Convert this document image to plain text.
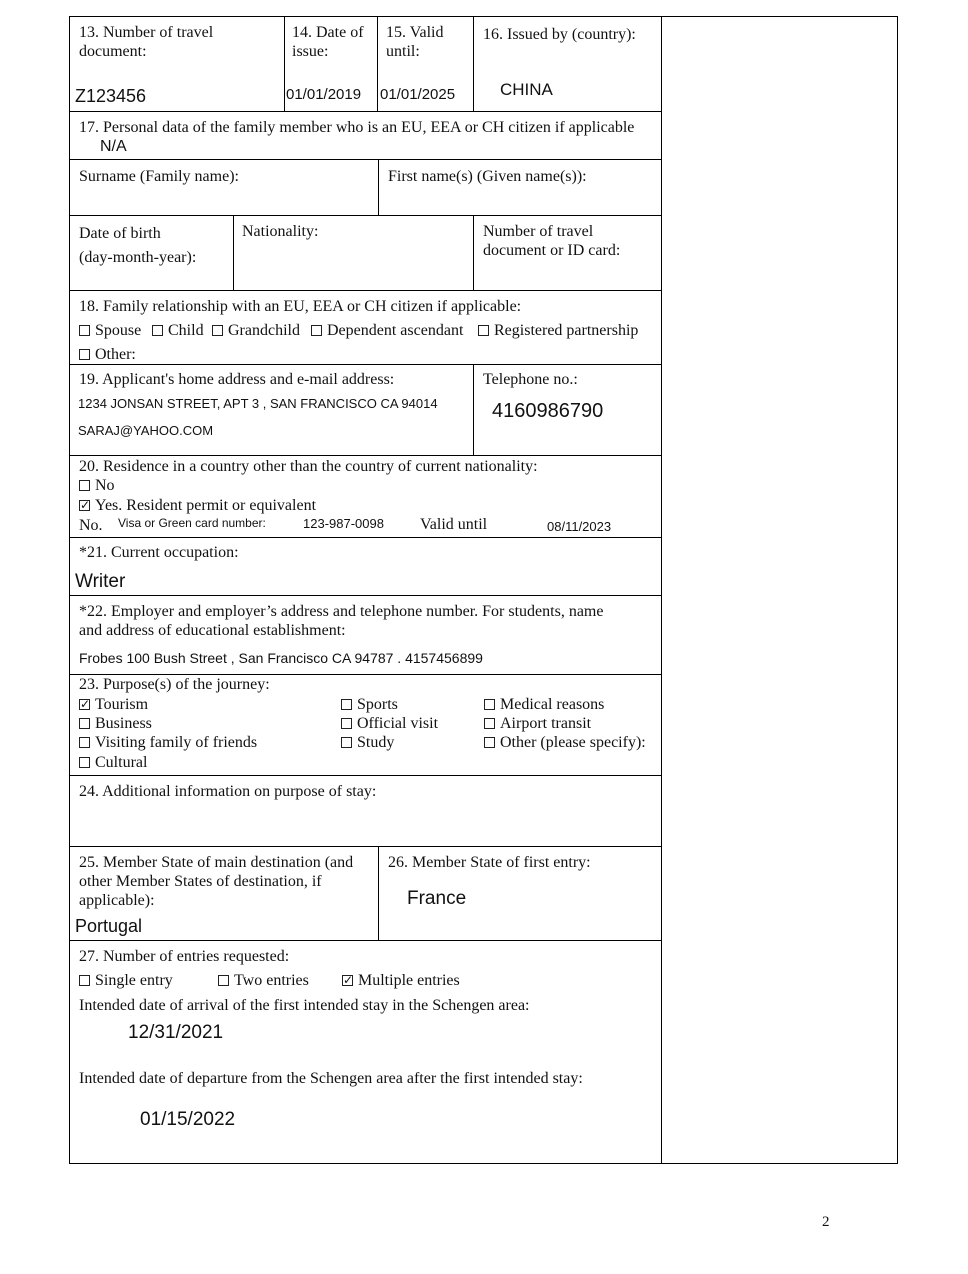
13. Number of travel
document:
Z123456
14. Date of
issue:
01/01/2019
15. Valid
until:
01/01/2025
16. Issued by (country):
CHINA
17. Personal data of the family member who is an EU, EEA or CH citizen if applicable
N/A
Surname (Family name):	First name(s) (Given name(s)):
Date of birth
(day-month-year):
Nationality:	Number of travel
document or ID card:
18. Family relationship with an EU, EEA or CH citizen if applicable:
Spouse	Child	Grandchild	Dependent ascendant	Registered partnership
Other:
19. Applicant's home address and e-mail address:
1234 JONSAN STREET, APT 3 , SAN FRANCISCO CA 94014
SARAJ@YAHOO.COM
Telephone no.:
4160986790
20. Residence in a country other than the country of current nationality:
No
✓Yes. Resident permit or equivalent
No. Visa or Green card number:	123-987-0098 Valid until	08/11/2023
*21. Current occupation:
Writer
*22. Employer and employer’s address and telephone number. For students, name
and address of educational establishment:
Frobes 100 Bush Street , San Francisco CA 94787 . 4157456899
23. Purpose(s) of the journey:
✓Tourism
Business
Visiting family of friends
Cultural
Sports
Official visit
Study
Medical reasons
Airport transit
Other (please specify):
24. Additional information on purpose of stay:
25. Member State of main destination (and
other Member States of destination, if
applicable):
Portugal
26. Member State of first entry:
France
27. Number of entries requested:
Single entry	Two entries
✓	Multiple entries
Intended date of arrival of the first intended stay in the Schengen area:
12/31/2021
Intended date of departure from the Schengen area after the first intended stay:
01/15/2022
2
